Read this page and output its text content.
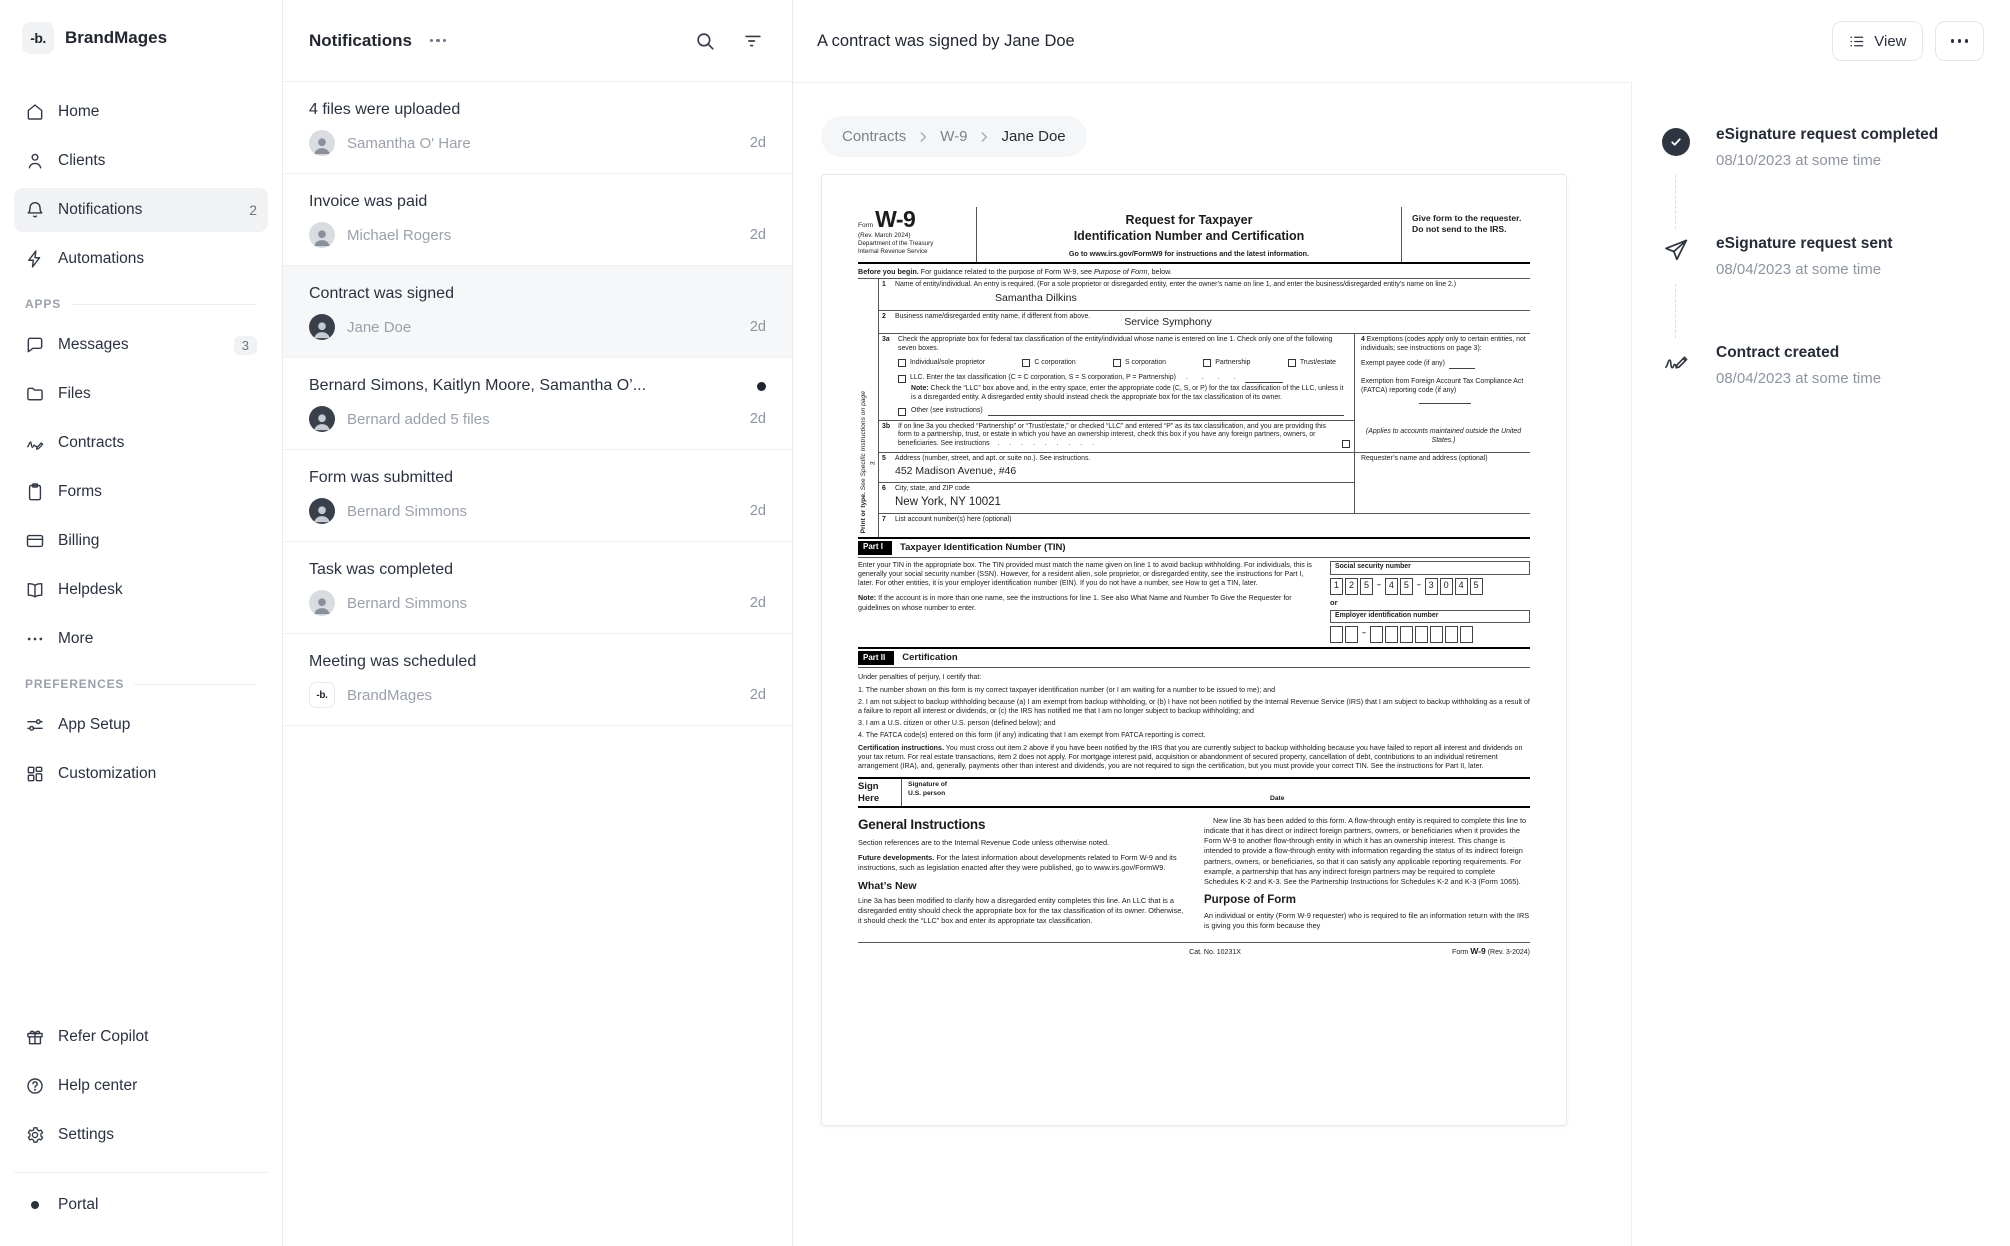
-b.	BrandMages
Home
Clients
Notifications	2
Automations
APPS
Messages	3
Files
Contracts
Forms
Billing
Helpdesk
More
PREFERENCES
App Setup
Customization
Refer Copilot
Help center
Settings
Portal
Notifications
4 files were uploaded
Samantha O' Hare	2d
Invoice was paid
Michael Rogers	2d
Contract was signed
Jane Doe	2d
Bernard Simons, Kaitlyn Moore, Samantha O’...
Bernard added 5 files	2d
Form was submitted
Bernard Simmons	2d
Task was completed
Bernard Simmons	2d
Meeting was scheduled
-b.	BrandMages	2d
A contract was signed by Jane Doe	View
Contracts W-9 Jane Doe
Form W-9
(Rev. March 2024)
Department of the Treasury
Internal Revenue Service
Request for Taxpayer
Identification Number and Certification
Go to www.irs.gov/FormW9 for instructions and the latest information.
Give form to the requester. Do not send to the IRS.
Before you begin. For guidance related to the purpose of Form W-9, see Purpose of Form, below.
Print or type. See Specific Instructions on page 3.
1	Name of entity/individual. An entry is required. (For a sole proprietor or disregarded entity, enter the owner’s name on line 1, and enter the business/disregarded entity’s name on line 2.)
Samantha Dilkins
2	Business name/disregarded entity name, if different from above.	Service Symphony
3a	Check the appropriate box for federal tax classification of the entity/individual whose name is entered on line 1. Check only one of the following seven boxes.
Individual/sole proprietor	C corporation	S corporation	Partnership	Trust/estate
LLC. Enter the tax classification (C = C corporation, S = S corporation, P = Partnership) . . . .
Note: Check the “LLC” box above and, in the entry space, enter the appropriate code (C, S, or P) for the tax classification of the LLC, unless it is a disregarded entity. A disregarded entity should instead check the appropriate box for the tax classification of its owner.
Other (see instructions)
3b	If on line 3a you checked “Partnership” or “Trust/estate,” or checked “LLC” and entered “P” as its tax classification, and you are providing this form to a partnership, trust, or estate in which you have an ownership interest, check this box if you have any foreign partners, owners, or beneficiaries. See instructions . . . . . . . . .
4 Exemptions (codes apply only to certain entities, not individuals; see instructions on page 3):
Exempt payee code (if any)
Exemption from Foreign Account Tax Compliance Act (FATCA) reporting code (if any)
(Applies to accounts maintained outside the United States.)
5	Address (number, street, and apt. or suite no.). See instructions.
452 Madison Avenue, #46
6	City, state, and ZIP code
New York, NY 10021
Requester’s name and address (optional)
7	List account number(s) here (optional)
Part I	Taxpayer Identification Number (TIN)

Enter your TIN in the appropriate box. The TIN provided must match the name given on line 1 to avoid backup withholding. For individuals, this is generally your social security number (SSN). However, for a resident alien, sole proprietor, or disregarded entity, see the instructions for Part I, later. For other entities, it is your employer identification number (EIN). If you do not have a number, see How to get a TIN, later.

Note: If the account is in more than one name, see the instructions for line 1. See also What Name and Number To Give the Requester for guidelines on whose number to enter.

Social security number
1	2	5	– 4	5	– 3	0	4	5
or
Employer identification number
–
Part II	Certification

Under penalties of perjury, I certify that:

1. The number shown on this form is my correct taxpayer identification number (or I am waiting for a number to be issued to me); and

2. I am not subject to backup withholding because (a) I am exempt from backup withholding, or (b) I have not been notified by the Internal Revenue Service (IRS) that I am subject to backup withholding as a result of a failure to report all interest or dividends, or (c) the IRS has notified me that I am no longer subject to backup withholding; and

3. I am a U.S. citizen or other U.S. person (defined below); and

4. The FATCA code(s) entered on this form (if any) indicating that I am exempt from FATCA reporting is correct.

Certification instructions. You must cross out item 2 above if you have been notified by the IRS that you are currently subject to backup withholding because you have failed to report all interest and dividends on your tax return. For real estate transactions, item 2 does not apply. For mortgage interest paid, acquisition or abandonment of secured property, cancellation of debt, contributions to an individual retirement arrangement (IRA), and, generally, payments other than interest and dividends, you are not required to sign the certification, but you must provide your correct TIN. See the instructions for Part II, later.

Sign
Here
Signature of
U.S. person
Date
General Instructions

Section references are to the Internal Revenue Code unless otherwise noted.

Future developments. For the latest information about developments related to Form W-9 and its instructions, such as legislation enacted after they were published, go to www.irs.gov/FormW9.

What’s New

Line 3a has been modified to clarify how a disregarded entity completes this line. An LLC that is a disregarded entity should check the appropriate box for the tax classification of its owner. Otherwise, it should check the “LLC” box and enter its appropriate tax classification.

New line 3b has been added to this form. A flow-through entity is required to complete this line to indicate that it has direct or indirect foreign partners, owners, or beneficiaries when it provides the Form W-9 to another flow-through entity in which it has an ownership interest. This change is intended to provide a flow-through entity with information regarding the status of its indirect foreign partners, owners, or beneficiaries, so that it can satisfy any applicable reporting requirements. For example, a partnership that has any indirect foreign partners may be required to complete Schedules K-2 and K-3. See the Partnership Instructions for Schedules K-2 and K-3 (Form 1065).

Purpose of Form

An individual or entity (Form W-9 requester) who is required to file an information return with the IRS is giving you this form because they

Cat. No. 10231X	Form W-9 (Rev. 3-2024)
eSignature request completed
08/10/2023 at some time
eSignature request sent
08/04/2023 at some time
Contract created
08/04/2023 at some time
